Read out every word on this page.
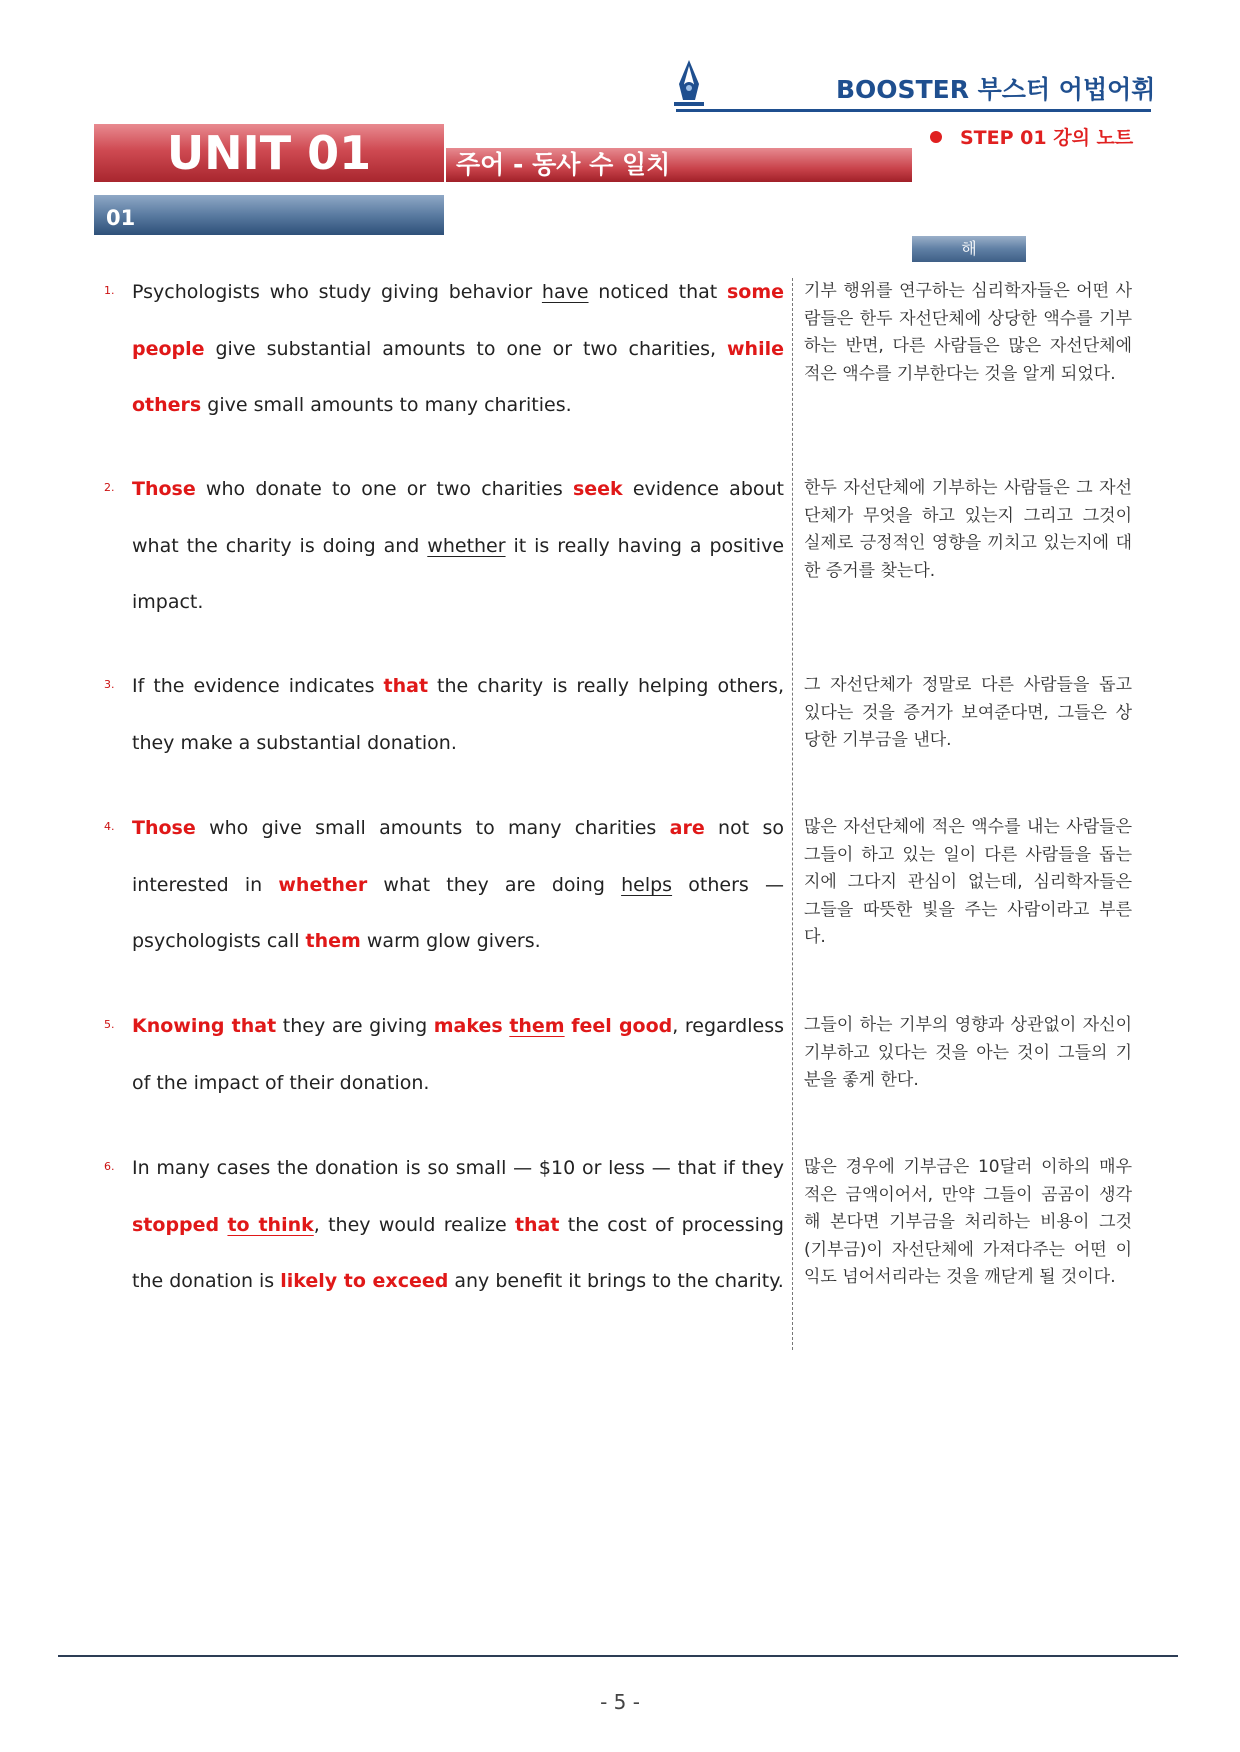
BOOSTER 부스터 어법어휘
STEP 01 강의 노트
UNIT 01	주어 - 동사 수 일치
01
해 석
1. Psychologists who study giving behavior have noticed that some people give substantial amounts to one or two charities, while others give small amounts to many charities.
기부 행위를 연구하는 심리학자들은 어떤 사람들은 한두 자선단체에 상당한 액수를 기부하는 반면, 다른 사람들은 많은 자선단체에 적은 액수를 기부한다는 것을 알게 되었다.
2. Those who donate to one or two charities seek evidence about what the charity is doing and whether it is really having a positive impact.
한두 자선단체에 기부하는 사람들은 그 자선단체가 무엇을 하고 있는지 그리고 그것이 실제로 긍정적인 영향을 끼치고 있는지에 대한 증거를 찾는다.
3. If the evidence indicates that the charity is really helping others, they make a substantial donation.
그 자선단체가 정말로 다른 사람들을 돕고 있다는 것을 증거가 보여준다면, 그들은 상당한 기부금을 낸다.
4. Those who give small amounts to many charities are not so interested in whether what they are doing helps others — psychologists call them warm glow givers.
많은 자선단체에 적은 액수를 내는 사람들은 그들이 하고 있는 일이 다른 사람들을 돕는지에 그다지 관심이 없는데, 심리학자들은 그들을 따뜻한 빛을 주는 사람이라고 부른다.
5. Knowing that they are giving makes them feel good, regardless of the impact of their donation.
그들이 하는 기부의 영향과 상관없이 자신이 기부하고 있다는 것을 아는 것이 그들의 기분을 좋게 한다.
6. In many cases the donation is so small — $10 or less — that if they stopped to think, they would realize that the cost of processing the donation is likely to exceed any benefit it brings to the charity.
많은 경우에 기부금은 10달러 이하의 매우 적은 금액이어서, 만약 그들이 곰곰이 생각해 본다면 기부금을 처리하는 비용이 그것(기부금)이 자선단체에 가져다주는 어떤 이익도 넘어서리라는 것을 깨닫게 될 것이다.
- 5 -
